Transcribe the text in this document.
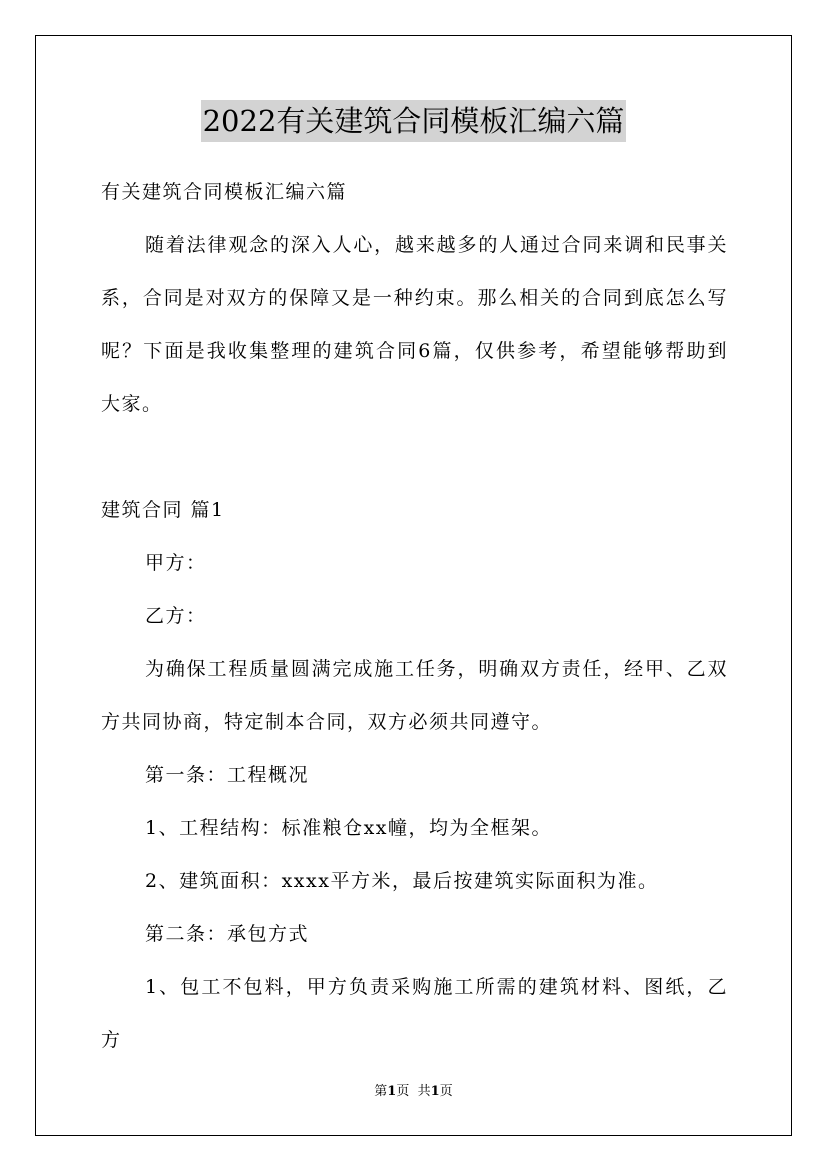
2022有关建筑合同模板汇编六篇

有关建筑合同模板汇编六篇

随着法律观念的深入人心，越来越多的人通过合同来调和民事关系，合同是对双方的保障又是一种约束。那么相关的合同到底怎么写呢？下面是我收集整理的建筑合同6篇，仅供参考，希望能够帮助到大家。

建筑合同 篇1

甲方：

乙方：

为确保工程质量圆满完成施工任务，明确双方责任，经甲、乙双方共同协商，特定制本合同，双方必须共同遵守。

第一条：工程概况

1、工程结构：标准粮仓xx幢，均为全框架。

2、建筑面积：xxxx平方米，最后按建筑实际面积为准。

第二条：承包方式

1、包工不包料，甲方负责采购施工所需的建筑材料、图纸，乙方

第1页 共1页
